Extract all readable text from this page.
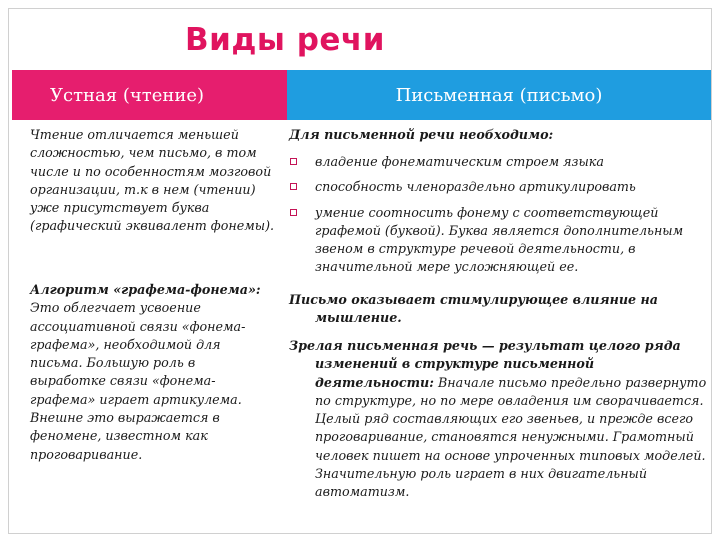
Виды речи
Устная (чтение)	Письменная (письмо)
Чтение отличается меньшей сложностью, чем письмо, в том числе и по особенностям мозговой организации, т.к в нем (чтении) уже присутствует буква (графический эквивалент фонемы).
Алгоритм «графема-фонема»: Это облегчает усвоение ассоциативной связи «фонема-графема», необходимой для письма. Большую роль в выработке связи «фонема-графема» играет артикулема. Внешне это выражается в феномене, известном как проговаривание.
Для письменной речи необходимо:
владение фонематическим строем языка
способность членораздельно артикулировать
умение соотносить фонему с соответствующей графемой (буквой). Буква является дополнительным звеном в структуре речевой деятельности, в значительной мере усложняющей ее.
Письмо оказывает стимулирующее влияние на
мышление.
Зрелая письменная речь — результат целого ряда
изменений в структуре письменной деятельности: Вначале письмо предельно развернуто по структуре, но по мере овладения им сворачивается. Целый ряд составляющих его звеньев, и прежде всего проговаривание, становятся ненужными. Грамотный человек пишет на основе упроченных типовых моделей. Значительную роль играет в них двигательный автоматизм.
